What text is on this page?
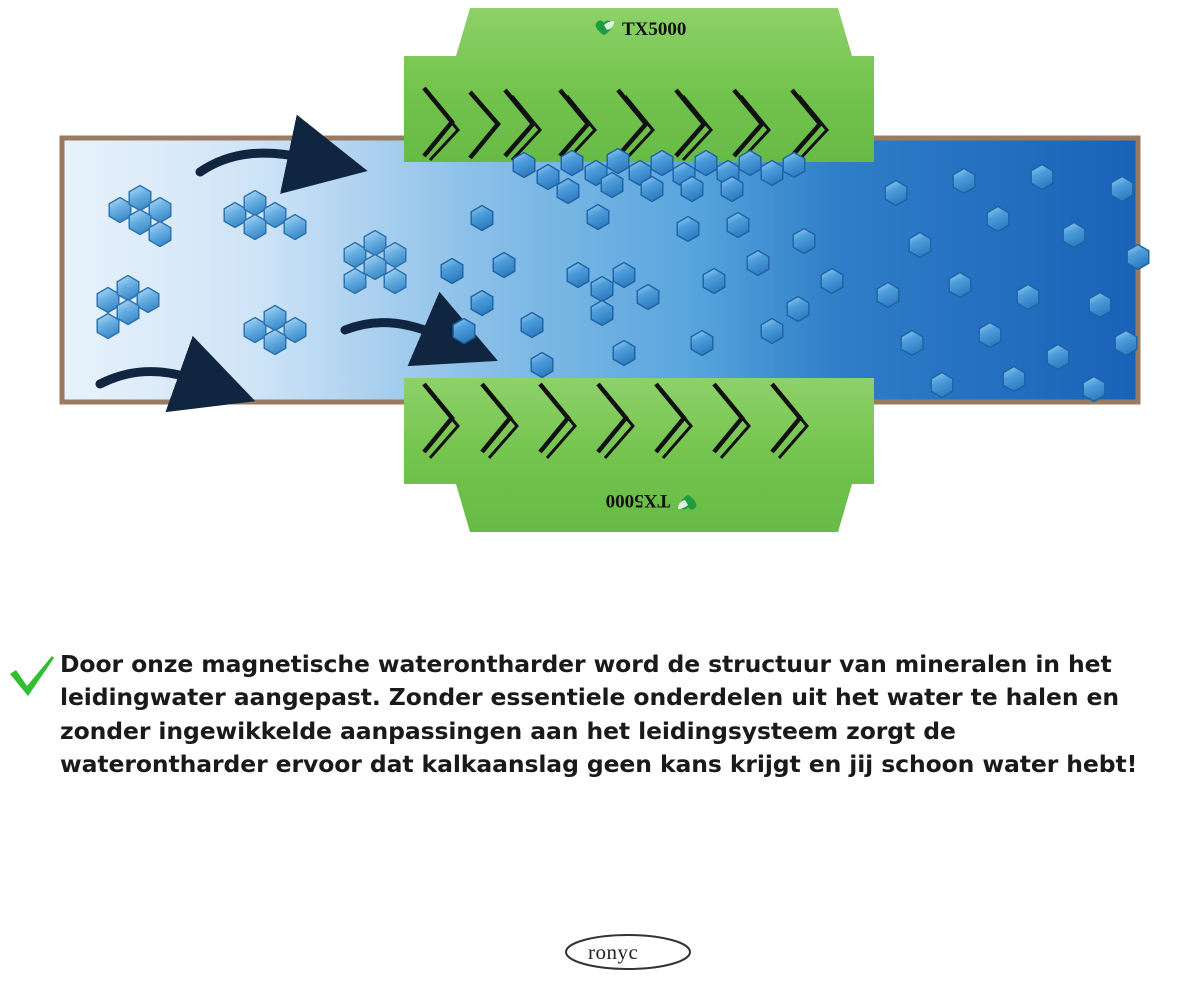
TX5000
TX5000
Door onze magnetische waterontharder word de structuur van mineralen in het leidingwater aangepast. Zonder essentiele onderdelen uit het water te halen en zonder ingewikkelde aanpassingen aan het leidingsysteem zorgt de waterontharder ervoor dat kalkaanslag geen kans krijgt en jij schoon water hebt!
ronyc
